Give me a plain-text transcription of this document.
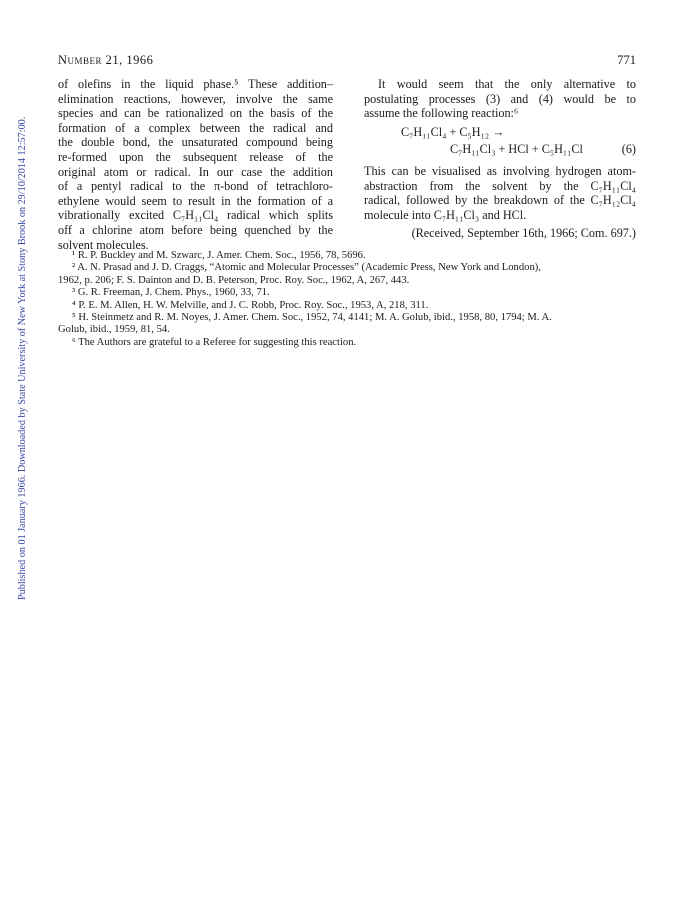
Published on 01 January 1966. Downloaded by State University of New York at Stony Brook on 29/10/2014 12:57:00.
Number 21, 1966	771
of olefins in the liquid phase.⁵ These addition–
elimination reactions, however, involve the same
species and can be rationalized on the basis of the
formation of a complex between the radical and
the double bond, the unsaturated compound being
re-formed upon the subsequent release of the
original atom or radical. In our case the addition
of a pentyl radical to the π-bond of tetrachloro-
ethylene would seem to result in the formation of a
vibrationally excited C₇H₁₁Cl₄ radical which splits
off a chlorine atom before being quenched by the
solvent molecules.
It would seem that the only alternative to
postulating processes (3) and (4) would be to
assume the following reaction:⁶
C₇H₁₁Cl₄ + C₅H₁₂ →
C₇H₁₁Cl₃ + HCl + C₅H₁₁Cl	(6)
This can be visualised as involving hydrogen atom-
abstraction from the solvent by the C₇H₁₁Cl₄
radical, followed by the breakdown of the C₇H₁₂Cl₄
molecule into C₇H₁₁Cl₃ and HCl.
(Received, September 16th, 1966; Com. 697.)
¹ R. P. Buckley and M. Szwarc, J. Amer. Chem. Soc., 1956, 78, 5696.
² A. N. Prasad and J. D. Craggs, “Atomic and Molecular Processes” (Academic Press, New York and London),
1962, p. 206; F. S. Dainton and D. B. Peterson, Proc. Roy. Soc., 1962, A, 267, 443.
³ G. R. Freeman, J. Chem. Phys., 1960, 33, 71.
⁴ P. E. M. Allen, H. W. Melville, and J. C. Robb, Proc. Roy. Soc., 1953, A, 218, 311.
⁵ H. Steinmetz and R. M. Noyes, J. Amer. Chem. Soc., 1952, 74, 4141; M. A. Golub, ibid., 1958, 80, 1794; M. A.
Golub, ibid., 1959, 81, 54.
⁶ The Authors are grateful to a Referee for suggesting this reaction.
